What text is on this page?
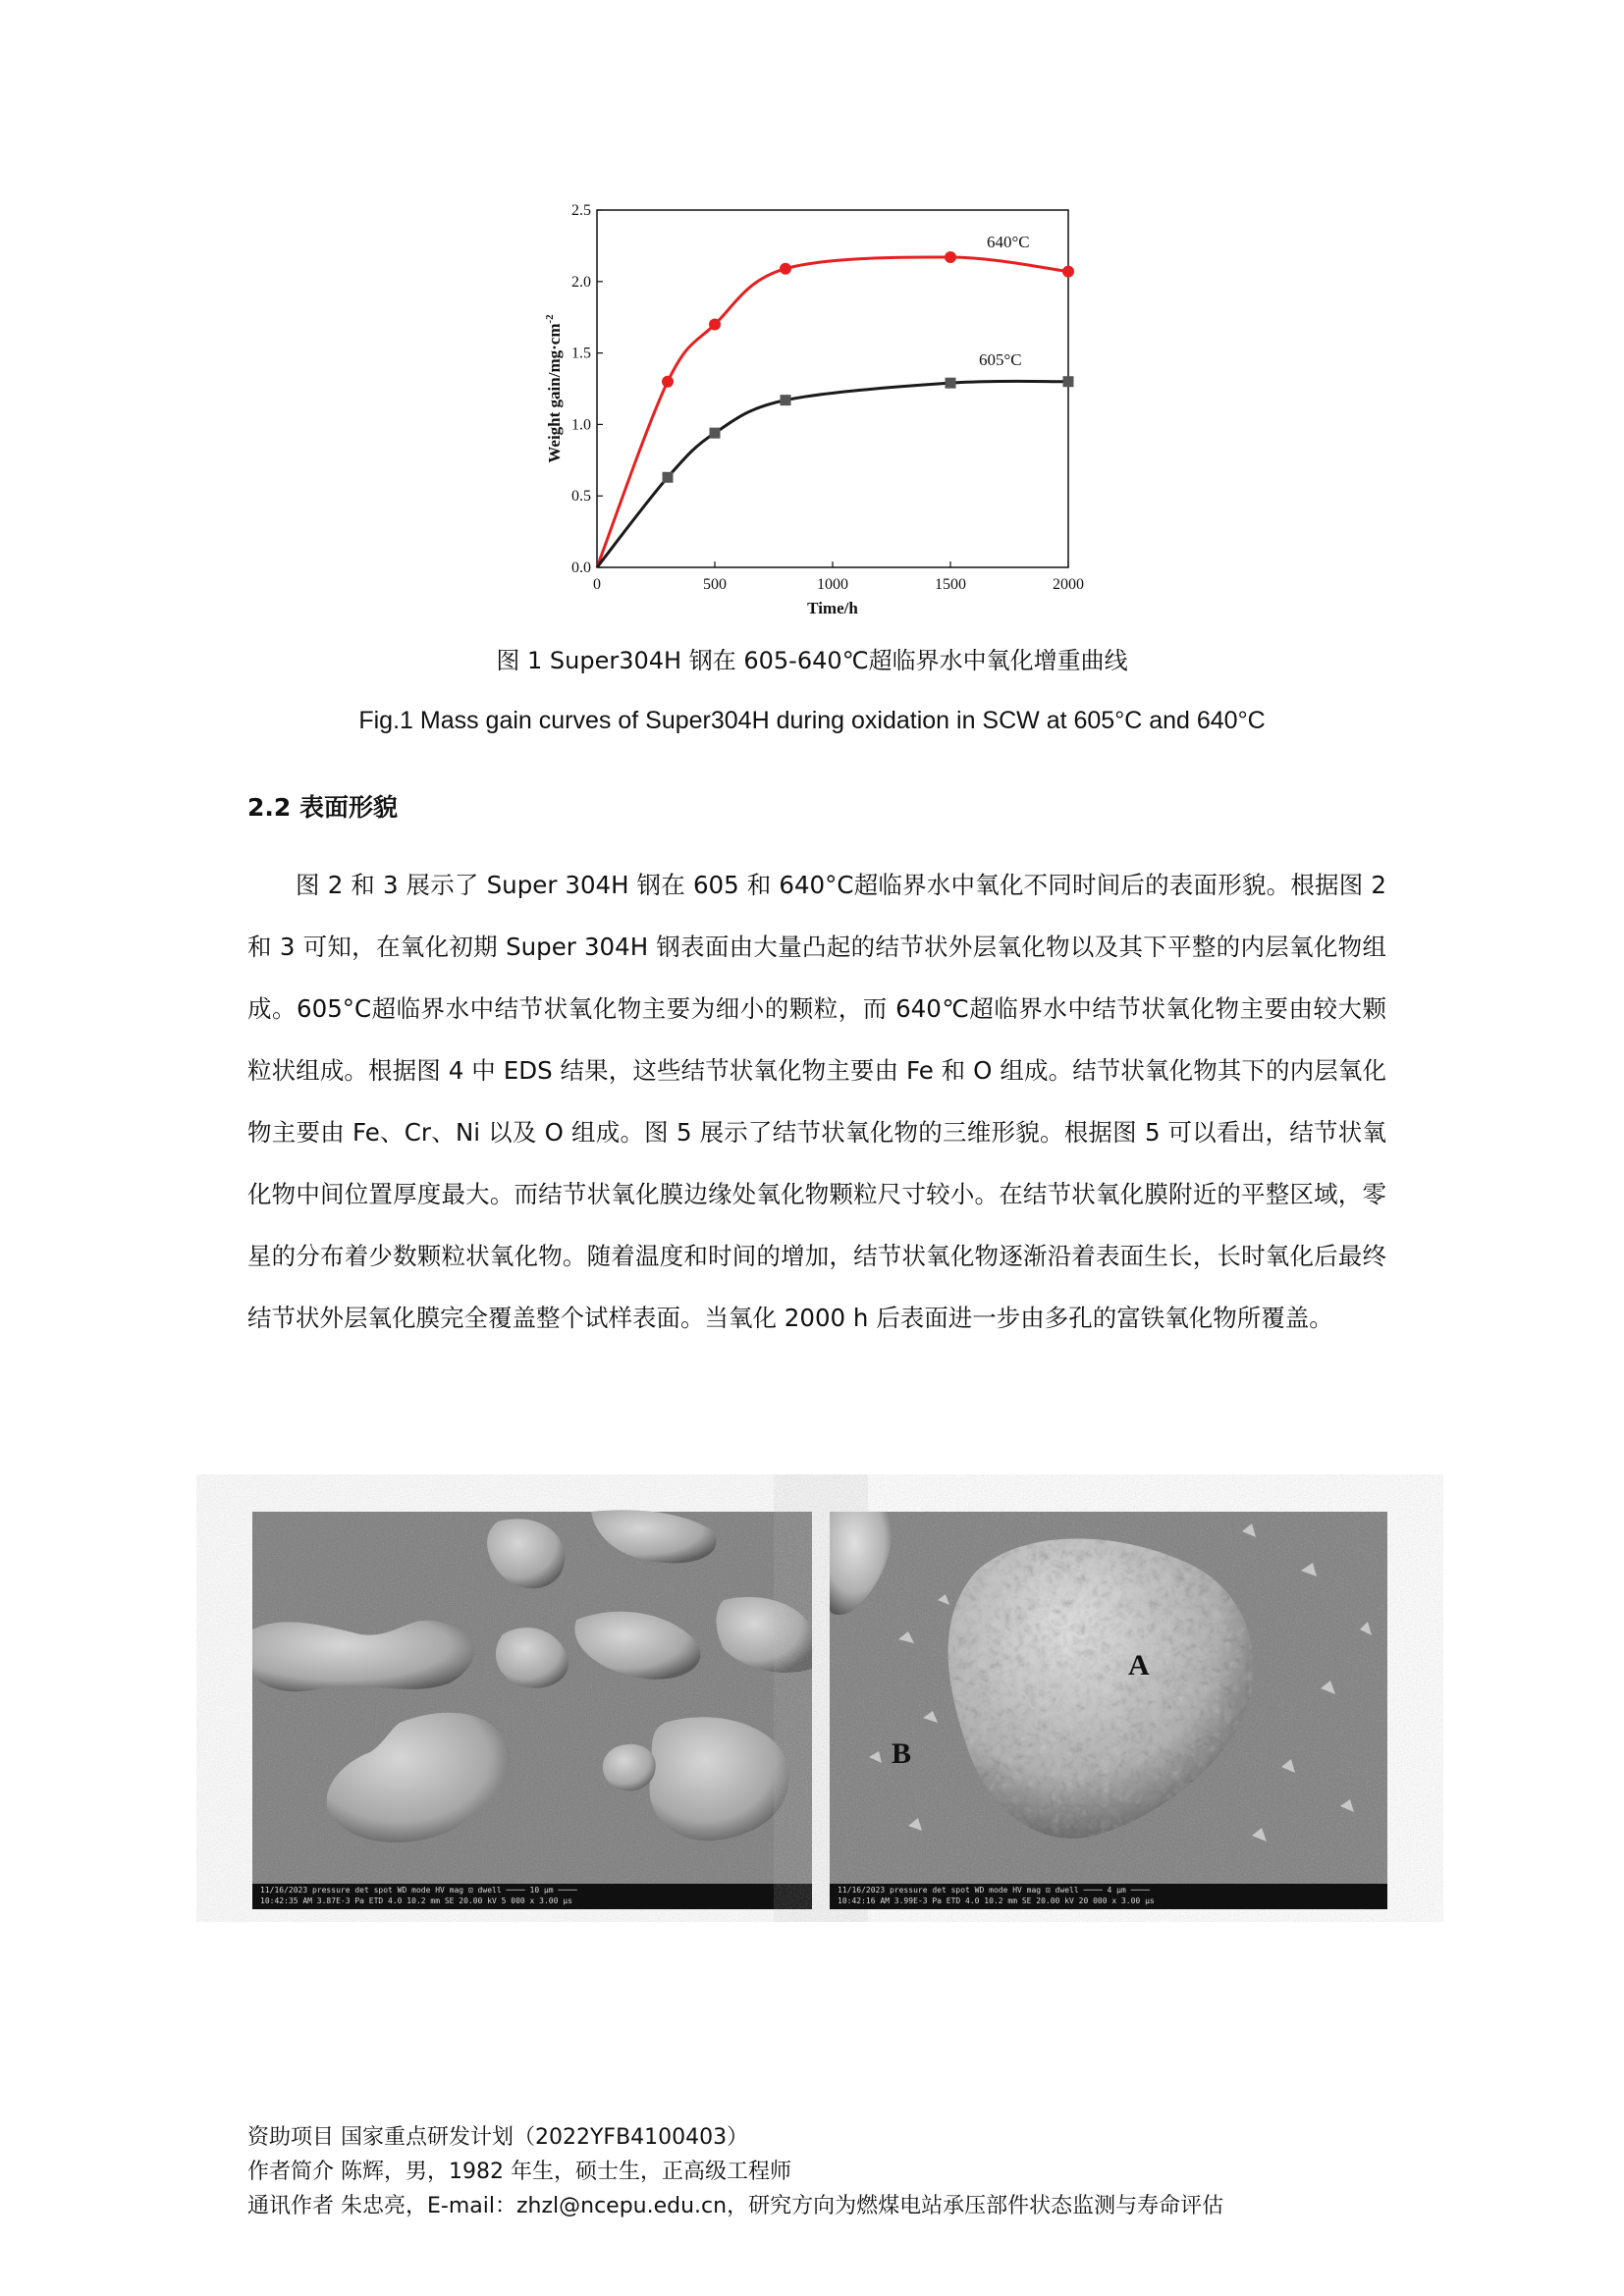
0	500	1000	1500	2000
0.0
0.5
1.0
1.5
2.0
2.5
Time/h
Weight gain/$mg\cdot cm^{-2}$
640°C
605°C
图 1 Super304H 钢在 605-640℃超临界水中氧化增重曲线
Fig.1 Mass gain curves of Super304H during oxidation in SCW at 605°C and 640°C
2.2 表面形貌

图 2 和 3 展示了 Super 304H 钢在 605 和 640°C超临界水中氧化不同时间后的表面形貌。根据图 2 和 3 可知，在氧化初期 Super 304H 钢表面由大量凸起的结节状外层氧化物以及其下平整的内层氧化物组成。605°C超临界水中结节状氧化物主要为细小的颗粒，而 640℃超临界水中结节状氧化物主要由较大颗粒状组成。根据图 4 中 EDS 结果，这些结节状氧化物主要由 Fe 和 O 组成。结节状氧化物其下的内层氧化物主要由 Fe、Cr、Ni 以及 O 组成。图 5 展示了结节状氧化物的三维形貌。根据图 5 可以看出，结节状氧化物中间位置厚度最大。而结节状氧化膜边缘处氧化物颗粒尺寸较小。在结节状氧化膜附近的平整区域，零星的分布着少数颗粒状氧化物。随着温度和时间的增加，结节状氧化物逐渐沿着表面生长，长时氧化后最终结节状外层氧化膜完全覆盖整个试样表面。当氧化 2000 h 后表面进一步由多孔的富铁氧化物所覆盖。

11/16/2023 pressure det spot WD mode HV mag ⊡ dwell ──── 10 μm ────
10:42:35 AM 3.87E-3 Pa ETD 4.0 10.2 mm SE 20.00 kV 5 000 x 3.00 μs
A
B
11/16/2023 pressure det spot WD mode HV mag ⊡ dwell ──── 4 μm ────
10:42:16 AM 3.99E-3 Pa ETD 4.0 10.2 mm SE 20.00 kV 20 000 x 3.00 μs
资助项目 国家重点研发计划（2022YFB4100403）
作者简介 陈辉，男，1982 年生，硕士生，正高级工程师
通讯作者 朱忠亮，E-mail：zhzl@ncepu.edu.cn，研究方向为燃煤电站承压部件状态监测与寿命评估
